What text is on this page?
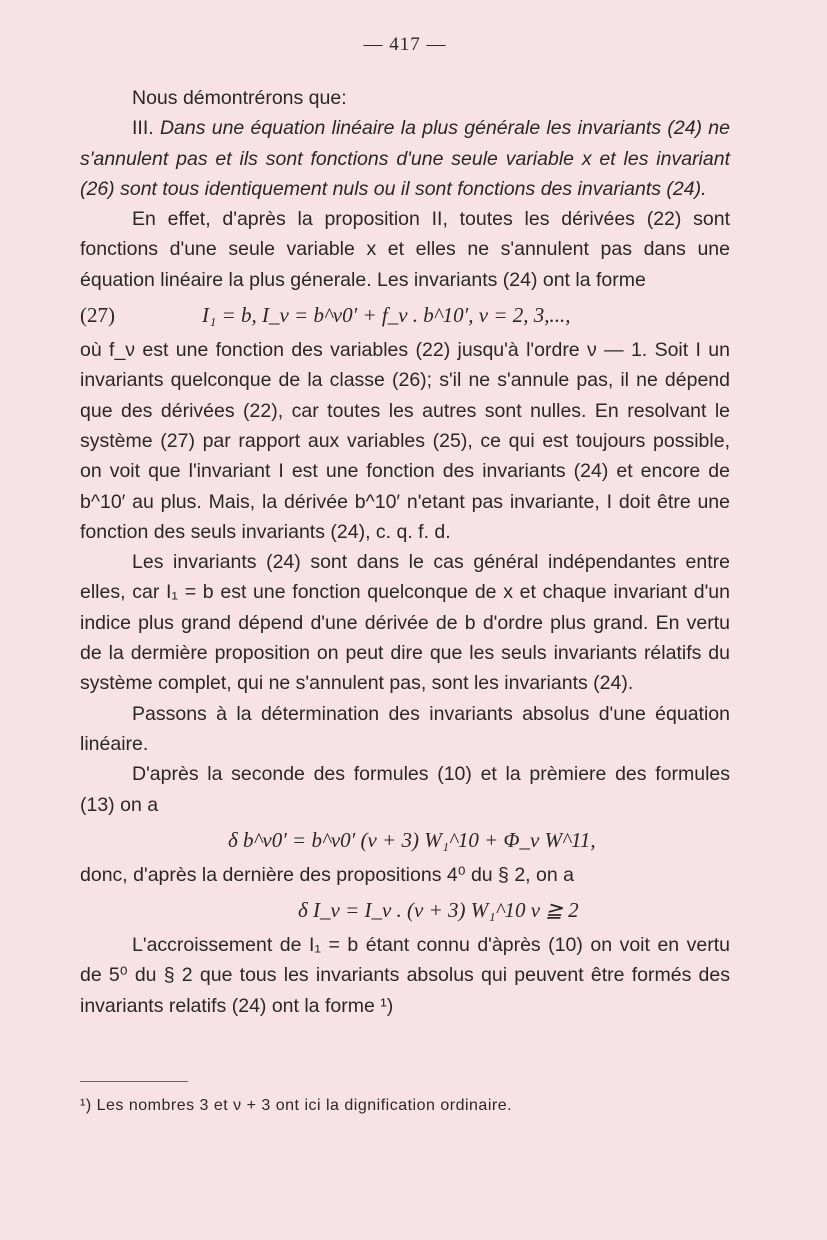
— 417 —

Nous démontrérons que:

III. Dans une équation linéaire la plus générale les invariants (24) ne s'annulent pas et ils sont fonctions d'une seule variable x et les invariant (26) sont tous identiquement nuls ou il sont fonctions des invariants (24).

En effet, d'après la proposition II, toutes les dérivées (22) sont fonctions d'une seule variable x et elles ne s'annulent pas dans une équation linéaire la plus génerale. Les invariants (24) ont la forme

(27)	I₁ = b, I_ν = b^ν0′ + f_ν . b^10′, ν = 2, 3,...,

où f_ν est une fonction des variables (22) jusqu'à l'ordre ν — 1. Soit I un invariants quelconque de la classe (26); s'il ne s'annule pas, il ne dépend que des dérivées (22), car toutes les autres sont nulles. En resolvant le système (27) par rapport aux variables (25), ce qui est toujours possible, on voit que l'invariant I est une fonction des invariants (24) et encore de b^10′ au plus. Mais, la dérivée b^10′ n'etant pas invariante, I doit être une fonction des seuls invariants (24), c. q. f. d.

Les invariants (24) sont dans le cas général indépendantes entre elles, car I₁ = b est une fonction quelconque de x et chaque invariant d'un indice plus grand dépend d'une dérivée de b d'ordre plus grand. En vertu de la dermière proposition on peut dire que les seuls invariants rélatifs du système complet, qui ne s'annulent pas, sont les invariants (24).

Passons à la détermination des invariants absolus d'une équation linéaire.

D'après la seconde des formules (10) et la prèmiere des formules (13) on a

δ b^ν0′ = b^ν0′ (ν + 3) W₁^10 + Φ_ν W^11,

donc, d'après la dernière des propositions 4⁰ du § 2, on a

δ I_ν = I_ν . (ν + 3) W₁^10 ν ≧ 2

L'accroissement de I₁ = b étant connu d'àprès (10) on voit en vertu de 5⁰ du § 2 que tous les invariants absolus qui peuvent être formés des invariants relatifs (24) ont la forme ¹)

¹) Les nombres 3 et ν + 3 ont ici la dignification ordinaire.
